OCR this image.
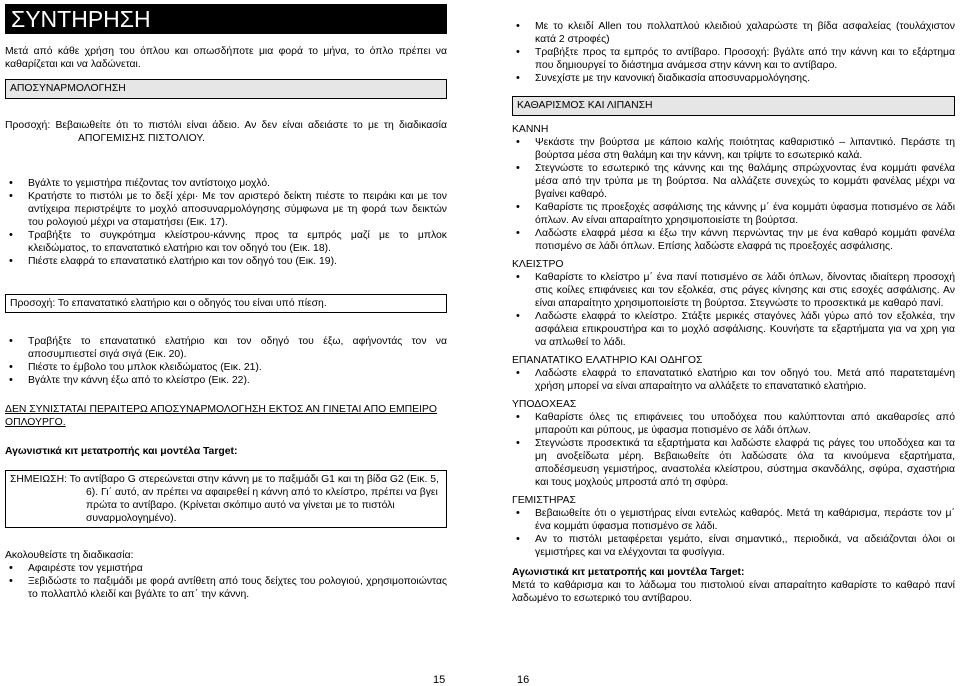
ΣΥΝΤΗΡΗΣΗ

Μετά από κάθε χρήση του όπλου και οπωσδήποτε μια φορά το μήνα, το όπλο πρέπει να καθαρίζεται και να λαδώνεται.

ΑΠΟΣΥΝΑΡΜΟΛΟΓΗΣΗ

Προσοχή: Βεβαιωθείτε ότι το πιστόλι είναι άδειο. Αν δεν είναι αδειάστε το με τη διαδικασία ΑΠΟΓΕΜΙΣΗΣ ΠΙΣΤΟΛΙΟΥ.

• Βγάλτε το γεμιστήρα πιέζοντας τον αντίστοιχο μοχλό.
• Κρατήστε το πιστόλι με το δεξί χέρι· Με τον αριστερό δείκτη πιέστε το πειράκι και με τον αντίχειρα περιστρέψτε το μοχλό αποσυναρμολόγησης σύμφωνα με τη φορά των δεικτών του ρολογιού μέχρι να σταματήσει (Εικ. 17).
• Τραβήξτε το συγκρότημα κλείστρου-κάννης προς τα εμπρός μαζί με το μπλοκ κλειδώματος, το επανατατικό ελατήριο και τον οδηγό του (Εικ. 18).
• Πιέστε ελαφρά το επανατατικό ελατήριο και τον οδηγό του (Εικ. 19).
Προσοχή: Το επανατατικό ελατήριο και ο οδηγός του είναι υπό πίεση.
• Τραβήξτε το επανατατικό ελατήριο και τον οδηγό του έξω, αφήνοντάς τον να αποσυμπιεστεί σιγά σιγά (Εικ. 20).
• Πιέστε το έμβολο του μπλοκ κλειδώματος (Εικ. 21).
• Βγάλτε την κάννη έξω από το κλείστρο (Εικ. 22).

ΔΕΝ ΣΥΝΙΣΤΑΤΑΙ ΠΕΡΑΙΤΕΡΩ ΑΠΟΣΥΝΑΡΜΟΛΟΓΗΣΗ ΕΚΤΟΣ ΑΝ ΓΙΝΕΤΑΙ ΑΠΟ ΕΜΠΕΙΡΟ ΟΠΛΟΥΡΓΟ.

Αγωνιστικά κιτ μετατροπής και μοντέλα Target:

ΣΗΜΕΙΩΣΗ: Το αντίβαρο G στερεώνεται στην κάννη με το παξιμάδι G1 και τη βίδα G2 (Εικ. 5, 6). Γι΄ αυτό, αν πρέπει να αφαιρεθεί η κάννη από το κλείστρο, πρέπει να βγει πρώτα το αντίβαρο. (Κρίνεται σκόπιμο αυτό να γίνεται με το πιστόλι συναρμολογημένο).

Ακολουθείστε τη διαδικασία:

• Αφαιρέστε τον γεμιστήρα
• Ξεβιδώστε το παξιμάδι με φορά αντίθετη από τους δείχτες του ρολογιού, χρησιμοποιώντας το πολλαπλό κλειδί και βγάλτε το απ΄ την κάννη.
• Με το κλειδί Allen του πολλαπλού κλειδιού χαλαρώστε τη βίδα ασφαλείας (τουλάχιστον κατά 2 στροφές)
• Τραβήξτε προς τα εμπρός το αντίβαρο. Προσοχή: βγάλτε από την κάννη και το εξάρτημα που δημιουργεί το διάστημα ανάμεσα στην κάννη και το αντίβαρο.
• Συνεχίστε με την κανονική διαδικασία αποσυναρμολόγησης.
ΚΑΘΑΡΙΣΜΟΣ ΚΑΙ ΛΙΠΑΝΣΗ

ΚΑΝΝΗ

• Ψεκάστε την βούρτσα με κάποιο καλής ποιότητας καθαριστικό – λιπαντικό. Περάστε τη βούρτσα μέσα στη θαλάμη και την κάννη, και τρίψτε το εσωτερικό καλά.
• Στεγνώστε το εσωτερικό της κάννης και της θαλάμης σπρώχνοντας ένα κομμάτι φανέλα μέσα από την τρύπα με τη βούρτσα. Να αλλάζετε συνεχώς το κομμάτι φανέλας μέχρι να βγαίνει καθαρό.
• Καθαρίστε τις προεξοχές ασφάλισης της κάννης μ΄ ένα κομμάτι ύφασμα ποτισμένο σε λάδι όπλων. Αν είναι απαραίτητο χρησιμοποιείστε τη βούρτσα.
• Λαδώστε ελαφρά μέσα κι έξω την κάννη περνώντας την με ένα καθαρό κομμάτι φανέλα ποτισμένο σε λάδι όπλων. Επίσης λαδώστε ελαφρά τις προεξοχές ασφάλισης.

ΚΛΕΙΣΤΡΟ

• Καθαρίστε το κλείστρο μ΄ ένα πανί ποτισμένο σε λάδι όπλων, δίνοντας ιδιαίτερη προσοχή στις κοίλες επιφάνειες και τον εξολκέα, στις ράγες κίνησης και στις εσοχές ασφάλισης. Αν είναι απαραίτητο χρησιμοποιείστε τη βούρτσα. Στεγνώστε το προσεκτικά με καθαρό πανί.
• Λαδώστε ελαφρά το κλείστρο. Στάξτε μερικές σταγόνες λάδι γύρω από τον εξολκέα, την ασφάλεια επικρουστήρα και το μοχλό ασφάλισης. Κουνήστε τα εξαρτήματα για να χρη για να απλωθεί το λάδι.

ΕΠΑΝΑΤΑΤΙΚΟ ΕΛΑΤΗΡΙΟ ΚΑΙ ΟΔΗΓΟΣ

• Λαδώστε ελαφρά το επανατατικό ελατήριο και τον οδηγό του. Μετά από παρατεταμένη χρήση μπορεί να είναι απαραίτητο να αλλάξετε το επανατατικό ελατήριο.

ΥΠΟΔΟΧΕΑΣ

• Καθαρίστε όλες τις επιφάνειες του υποδόχεα που καλύπτονται από ακαθαρσίες από μπαρούτι και ρύπους, με ύφασμα ποτισμένο σε λάδι όπλων.
• Στεγνώστε προσεκτικά τα εξαρτήματα και λαδώστε ελαφρά τις ράγες του υποδόχεα και τα μη ανοξείδωτα μέρη. Βεβαιωθείτε ότι λαδώσατε όλα τα κινούμενα εξαρτήματα, αποδέσμευση γεμιστήρος, αναστολέα κλείστρου, σύστημα σκανδάλης, σφύρα, σχαστήρια και τους μοχλούς μπροστά από τη σφύρα.

ΓΕΜΙΣΤΗΡΑΣ

• Βεβαιωθείτε ότι ο γεμιστήρας είναι εντελώς καθαρός. Μετά τη καθάρισμα, περάστε τον μ΄ ένα κομμάτι ύφασμα ποτισμένο σε λάδι.
• Αν το πιστόλι μεταφέρεται γεμάτο, είναι σημαντικό,, περιοδικά, να αδειάζονται όλοι οι γεμιστήρες και να ελέγχονται τα φυσίγγια.

Αγωνιστικά κιτ μετατροπής και μοντέλα Target:

Μετά το καθάρισμα και το λάδωμα του πιστολιού είναι απαραίτητο καθαρίστε το καθαρό πανί λαδωμένο το εσωτερικό του αντίβαρου.

15	16
